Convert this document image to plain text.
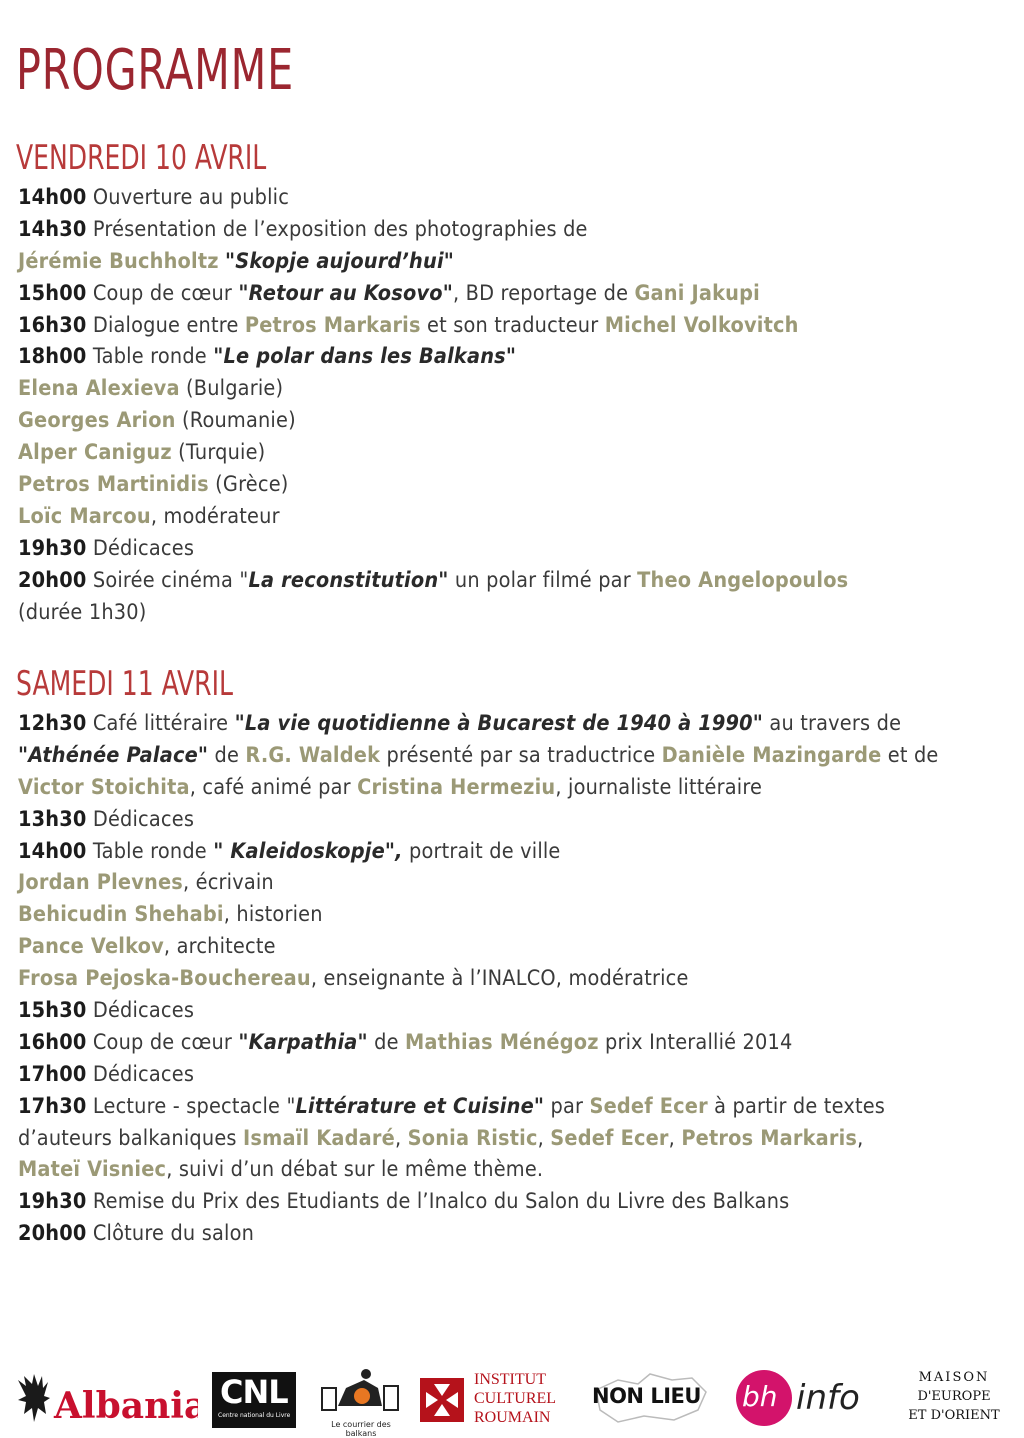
PROGRAMME
VENDREDI 10 AVRIL
14h00 Ouverture au public
14h30 Présentation de l’exposition des photographies de
Jérémie Buchholtz "Skopje aujourd’hui"
15h00 Coup de cœur "Retour au Kosovo", BD reportage de Gani Jakupi
16h30 Dialogue entre Petros Markaris et son traducteur Michel Volkovitch
18h00 Table ronde "Le polar dans les Balkans"
Elena Alexieva (Bulgarie)
Georges Arion (Roumanie)
Alper Caniguz (Turquie)
Petros Martinidis (Grèce)
Loïc Marcou, modérateur
19h30 Dédicaces
20h00 Soirée cinéma "La reconstitution" un polar filmé par Theo Angelopoulos
(durée 1h30)
SAMEDI 11 AVRIL
12h30 Café littéraire "La vie quotidienne à Bucarest de 1940 à 1990" au travers de
"Athénée Palace" de R.G. Waldek présenté par sa traductrice Danièle Mazingarde et de
Victor Stoichita, café animé par Cristina Hermeziu, journaliste littéraire
13h30 Dédicaces
14h00 Table ronde " Kaleidoskopje", portrait de ville
Jordan Plevnes, écrivain
Behicudin Shehabi, historien
Pance Velkov, architecte
Frosa Pejoska-Bouchereau, enseignante à l’INALCO, modératrice
15h30 Dédicaces
16h00 Coup de cœur "Karpathia" de Mathias Ménégoz prix Interallié 2014
17h00 Dédicaces
17h30 Lecture - spectacle "Littérature et Cuisine" par Sedef Ecer à partir de textes
d’auteurs balkaniques Ismaïl Kadaré, Sonia Ristic, Sedef Ecer, Petros Markaris,
Mateï Visniec, suivi d’un débat sur le même thème.
19h30 Remise du Prix des Etudiants de l’Inalco du Salon du Livre des Balkans
20h00 Clôture du salon
Albania CNL
Centre national du Livre
Le courrier des balkans
INSTITUT
CULTUREL
ROUMAIN
NON LIEU bh info
MAISON
D'EUROPE
ET D'ORIENT
